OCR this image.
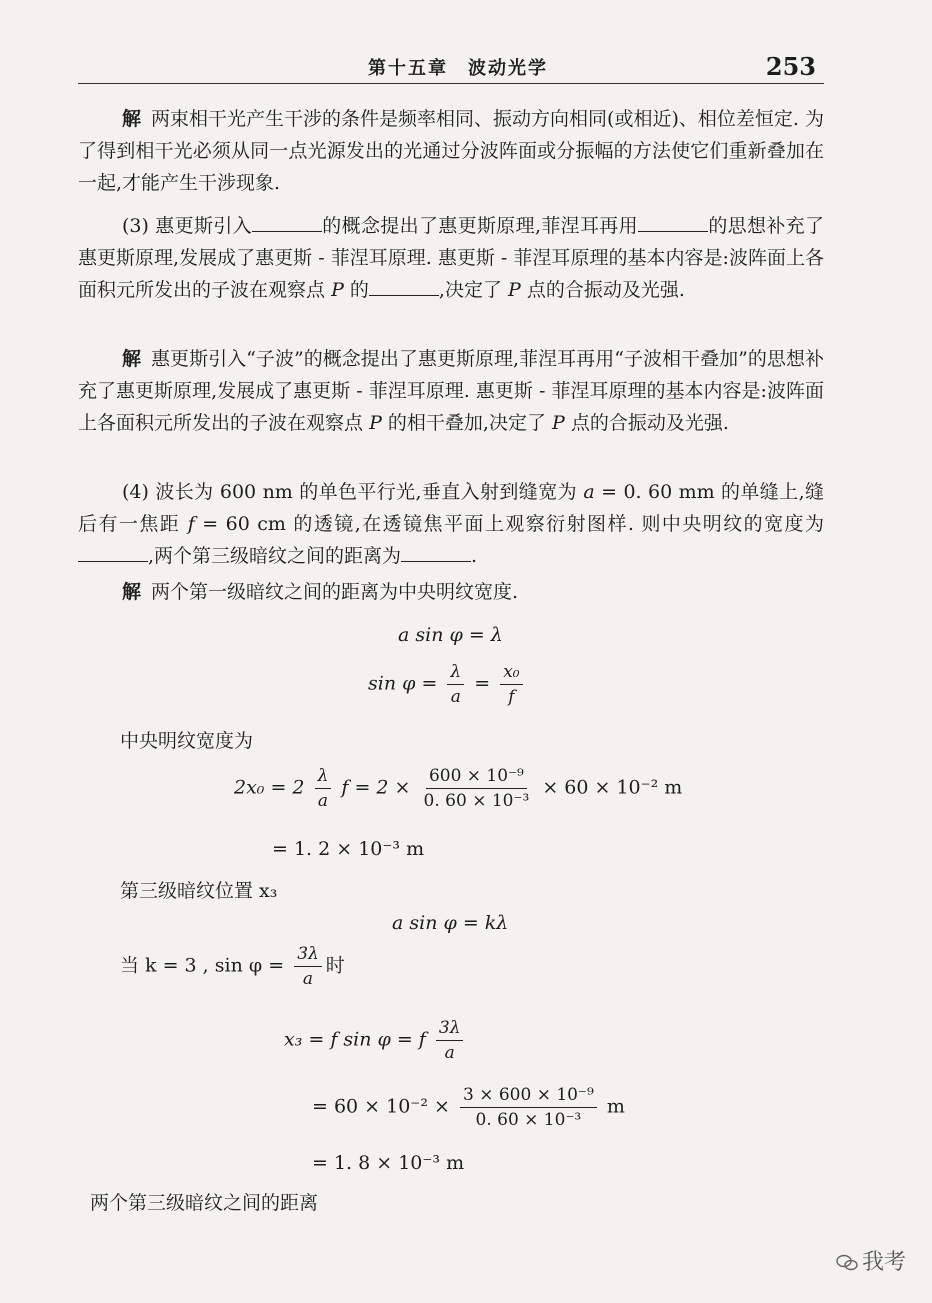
第十五章　波动光学	253
解 两束相干光产生干涉的条件是频率相同、振动方向相同(或相近)、相位差恒定. 为了得到相干光必须从同一点光源发出的光通过分波阵面或分振幅的方法使它们重新叠加在一起,才能产生干涉现象.
(3) 惠更斯引入	的概念提出了惠更斯原理,菲涅耳再用	的思想补充了惠更斯原理,发展成了惠更斯 - 菲涅耳原理. 惠更斯 - 菲涅耳原理的基本内容是:波阵面上各面积元所发出的子波在观察点 P 的	,决定了 P 点的合振动及光强.
解 惠更斯引入“子波”的概念提出了惠更斯原理,菲涅耳再用“子波相干叠加”的思想补充了惠更斯原理,发展成了惠更斯 - 菲涅耳原理. 惠更斯 - 菲涅耳原理的基本内容是:波阵面上各面积元所发出的子波在观察点 P 的相干叠加,决定了 P 点的合振动及光强.
(4) 波长为 600 nm 的单色平行光,垂直入射到缝宽为 a = 0. 60 mm 的单缝上,缝后有一焦距 f = 60 cm 的透镜,在透镜焦平面上观察衍射图样. 则中央明纹的宽度为,两个第三级暗纹之间的距离为	.
解 两个第一级暗纹之间的距离为中央明纹宽度.
a sin φ = λ
$\sin \varphi = \frac{\lambda}{a} = \frac{\text{x₀}}{f}$
中央明纹宽度为
$2x_0 = 2 \frac{\lambda}{a}$ $f = 2 \times \frac{\text{600 × 10⁻⁹}}{\text{0. 60 × 10⁻³}} \times 60 \times 10^{-2}$ m
= 1. 2 × 10⁻³ m
第三级暗纹位置 x₃
a sin φ = kλ
当 k = 3 , $\sin \varphi = \frac{3\lambda}{a}$ 时
x₃ = f sin φ = f $\frac{3\lambda}{a}$
= $60 \times 10^{-2} \times \frac{\text{3 × 600 × 10⁻⁹}}{\text{0. 60 × 10⁻³}}$ m
= 1. 8 × 10⁻³ m
两个第三级暗纹之间的距离
我考
